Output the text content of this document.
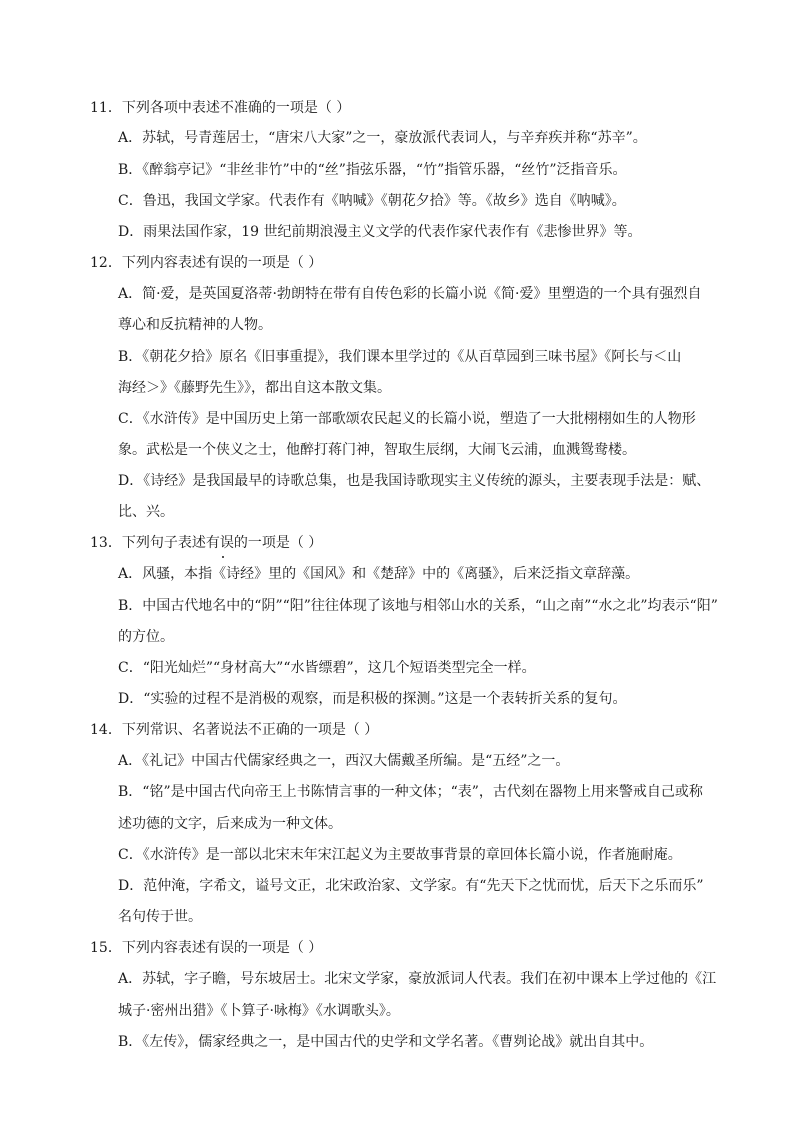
11．下列各项中表述不准确的一项是（ ）
A．苏轼，号青莲居士，“唐宋八大家”之一，豪放派代表词人，与辛弃疾并称“苏辛”。
B．《醉翁亭记》“非丝非竹”中的“丝”指弦乐器，“竹”指管乐器，“丝竹”泛指音乐。
C．鲁迅，我国文学家。代表作有《呐喊》《朝花夕拾》等。《故乡》选自《呐喊》。
D．雨果法国作家，19 世纪前期浪漫主义文学的代表作家代表作有《悲惨世界》等。
12．下列内容表述有误的一项是（ ）
A．简·爱，是英国夏洛蒂·勃朗特在带有自传色彩的长篇小说《简·爱》里塑造的一个具有强烈自
尊心和反抗精神的人物。
B．《朝花夕拾》原名《旧事重提》，我们课本里学过的《从百草园到三味书屋》《阿长与＜山
海经＞》《藤野先生》》，都出自这本散文集。
C．《水浒传》是中国历史上第一部歌颂农民起义的长篇小说，塑造了一大批栩栩如生的人物形
象。武松是一个侠义之士，他醉打蒋门神，智取生辰纲，大闹飞云浦，血溅鸳鸯楼。
D．《诗经》是我国最早的诗歌总集，也是我国诗歌现实主义传统的源头，主要表现手法是：赋、
比、兴。
13．下列句子表述有误的一项是（ ）
A．风骚，本指《诗经》里的《国风》和《楚辞》中的《离骚》，后来泛指文章辞藻。
B．中国古代地名中的“阴”“阳”往往体现了该地与相邻山水的关系，“山之南”“水之北”均表示“阳”
的方位。
C．“阳光灿烂”“身材高大”“水皆缥碧”，这几个短语类型完全一样。
D．“实验的过程不是消极的观察，而是积极的探测。”这是一个表转折关系的复句。
14．下列常识、名著说法不正确的一项是（ ）
A．《礼记》中国古代儒家经典之一，西汉大儒戴圣所编。是“五经”之一。
B．“铭”是中国古代向帝王上书陈情言事的一种文体；“表”，古代刻在器物上用来警戒自己或称
述功德的文字，后来成为一种文体。
C．《水浒传》是一部以北宋末年宋江起义为主要故事背景的章回体长篇小说，作者施耐庵。
D．范仲淹，字希文，谥号文正，北宋政治家、文学家。有“先天下之忧而忧，后天下之乐而乐”
名句传于世。
15．下列内容表述有误的一项是（ ）
A．苏轼，字子瞻，号东坡居士。北宋文学家，豪放派词人代表。我们在初中课本上学过他的《江
城子·密州出猎》《卜算子·咏梅》《水调歌头》。
B．《左传》，儒家经典之一，是中国古代的史学和文学名著。《曹刿论战》就出自其中。
